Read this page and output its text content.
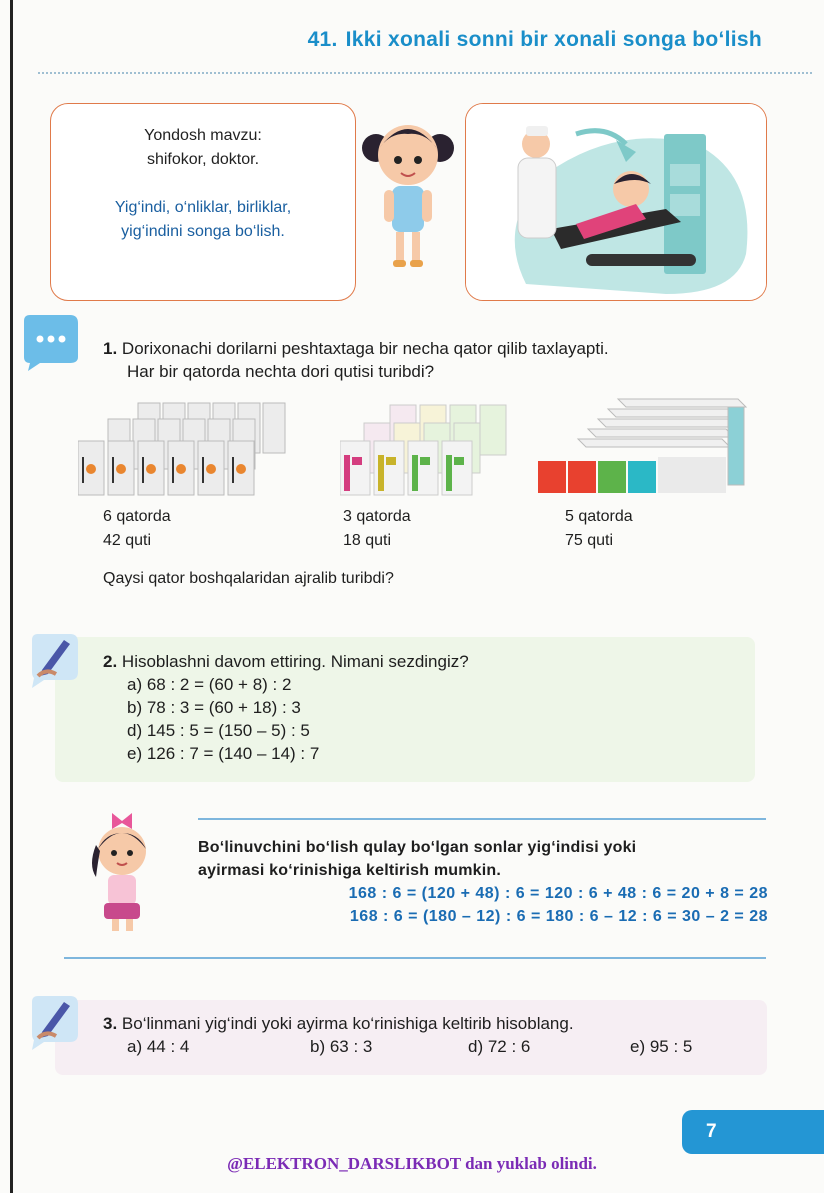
41. Ikki xonali sonni bir xonali songa bo‘lish
Yondosh mavzu:
shifokor, doktor.
Yig‘indi, o‘nliklar, birliklar,
yig‘indini songa bo‘lish.
1. Dorixonachi dorilarni peshtaxtaga bir necha qator qilib taxlayapti.
Har bir qatorda nechta dori qutisi turibdi?
6 qatorda
42 quti
3 qatorda
18 quti
5 qatorda
75 quti
Qaysi qator boshqalaridan ajralib turibdi?
2. Hisoblashni davom ettiring. Nimani sezdingiz?
a) 68 : 2 = (60 + 8) : 2
b) 78 : 3 = (60 + 18) : 3
d) 145 : 5 = (150 – 5) : 5
e) 126 : 7 = (140 – 14) : 7
Bo‘linuvchini bo‘lish qulay bo‘lgan sonlar yig‘indisi yoki
ayirmasi ko‘rinishiga keltirish mumkin.
168 : 6 = (120 + 48) : 6 = 120 : 6 + 48 : 6 = 20 + 8 = 28
168 : 6 = (180 – 12) : 6 = 180 : 6 – 12 : 6 = 30 – 2 = 28
3. Bo‘linmani yig‘indi yoki ayirma ko‘rinishiga keltirib hisoblang.
a) 44 : 4	b) 63 : 3	d) 72 : 6	e) 95 : 5
7
@ELEKTRON_DARSLIKBOT dan yuklab olindi.
